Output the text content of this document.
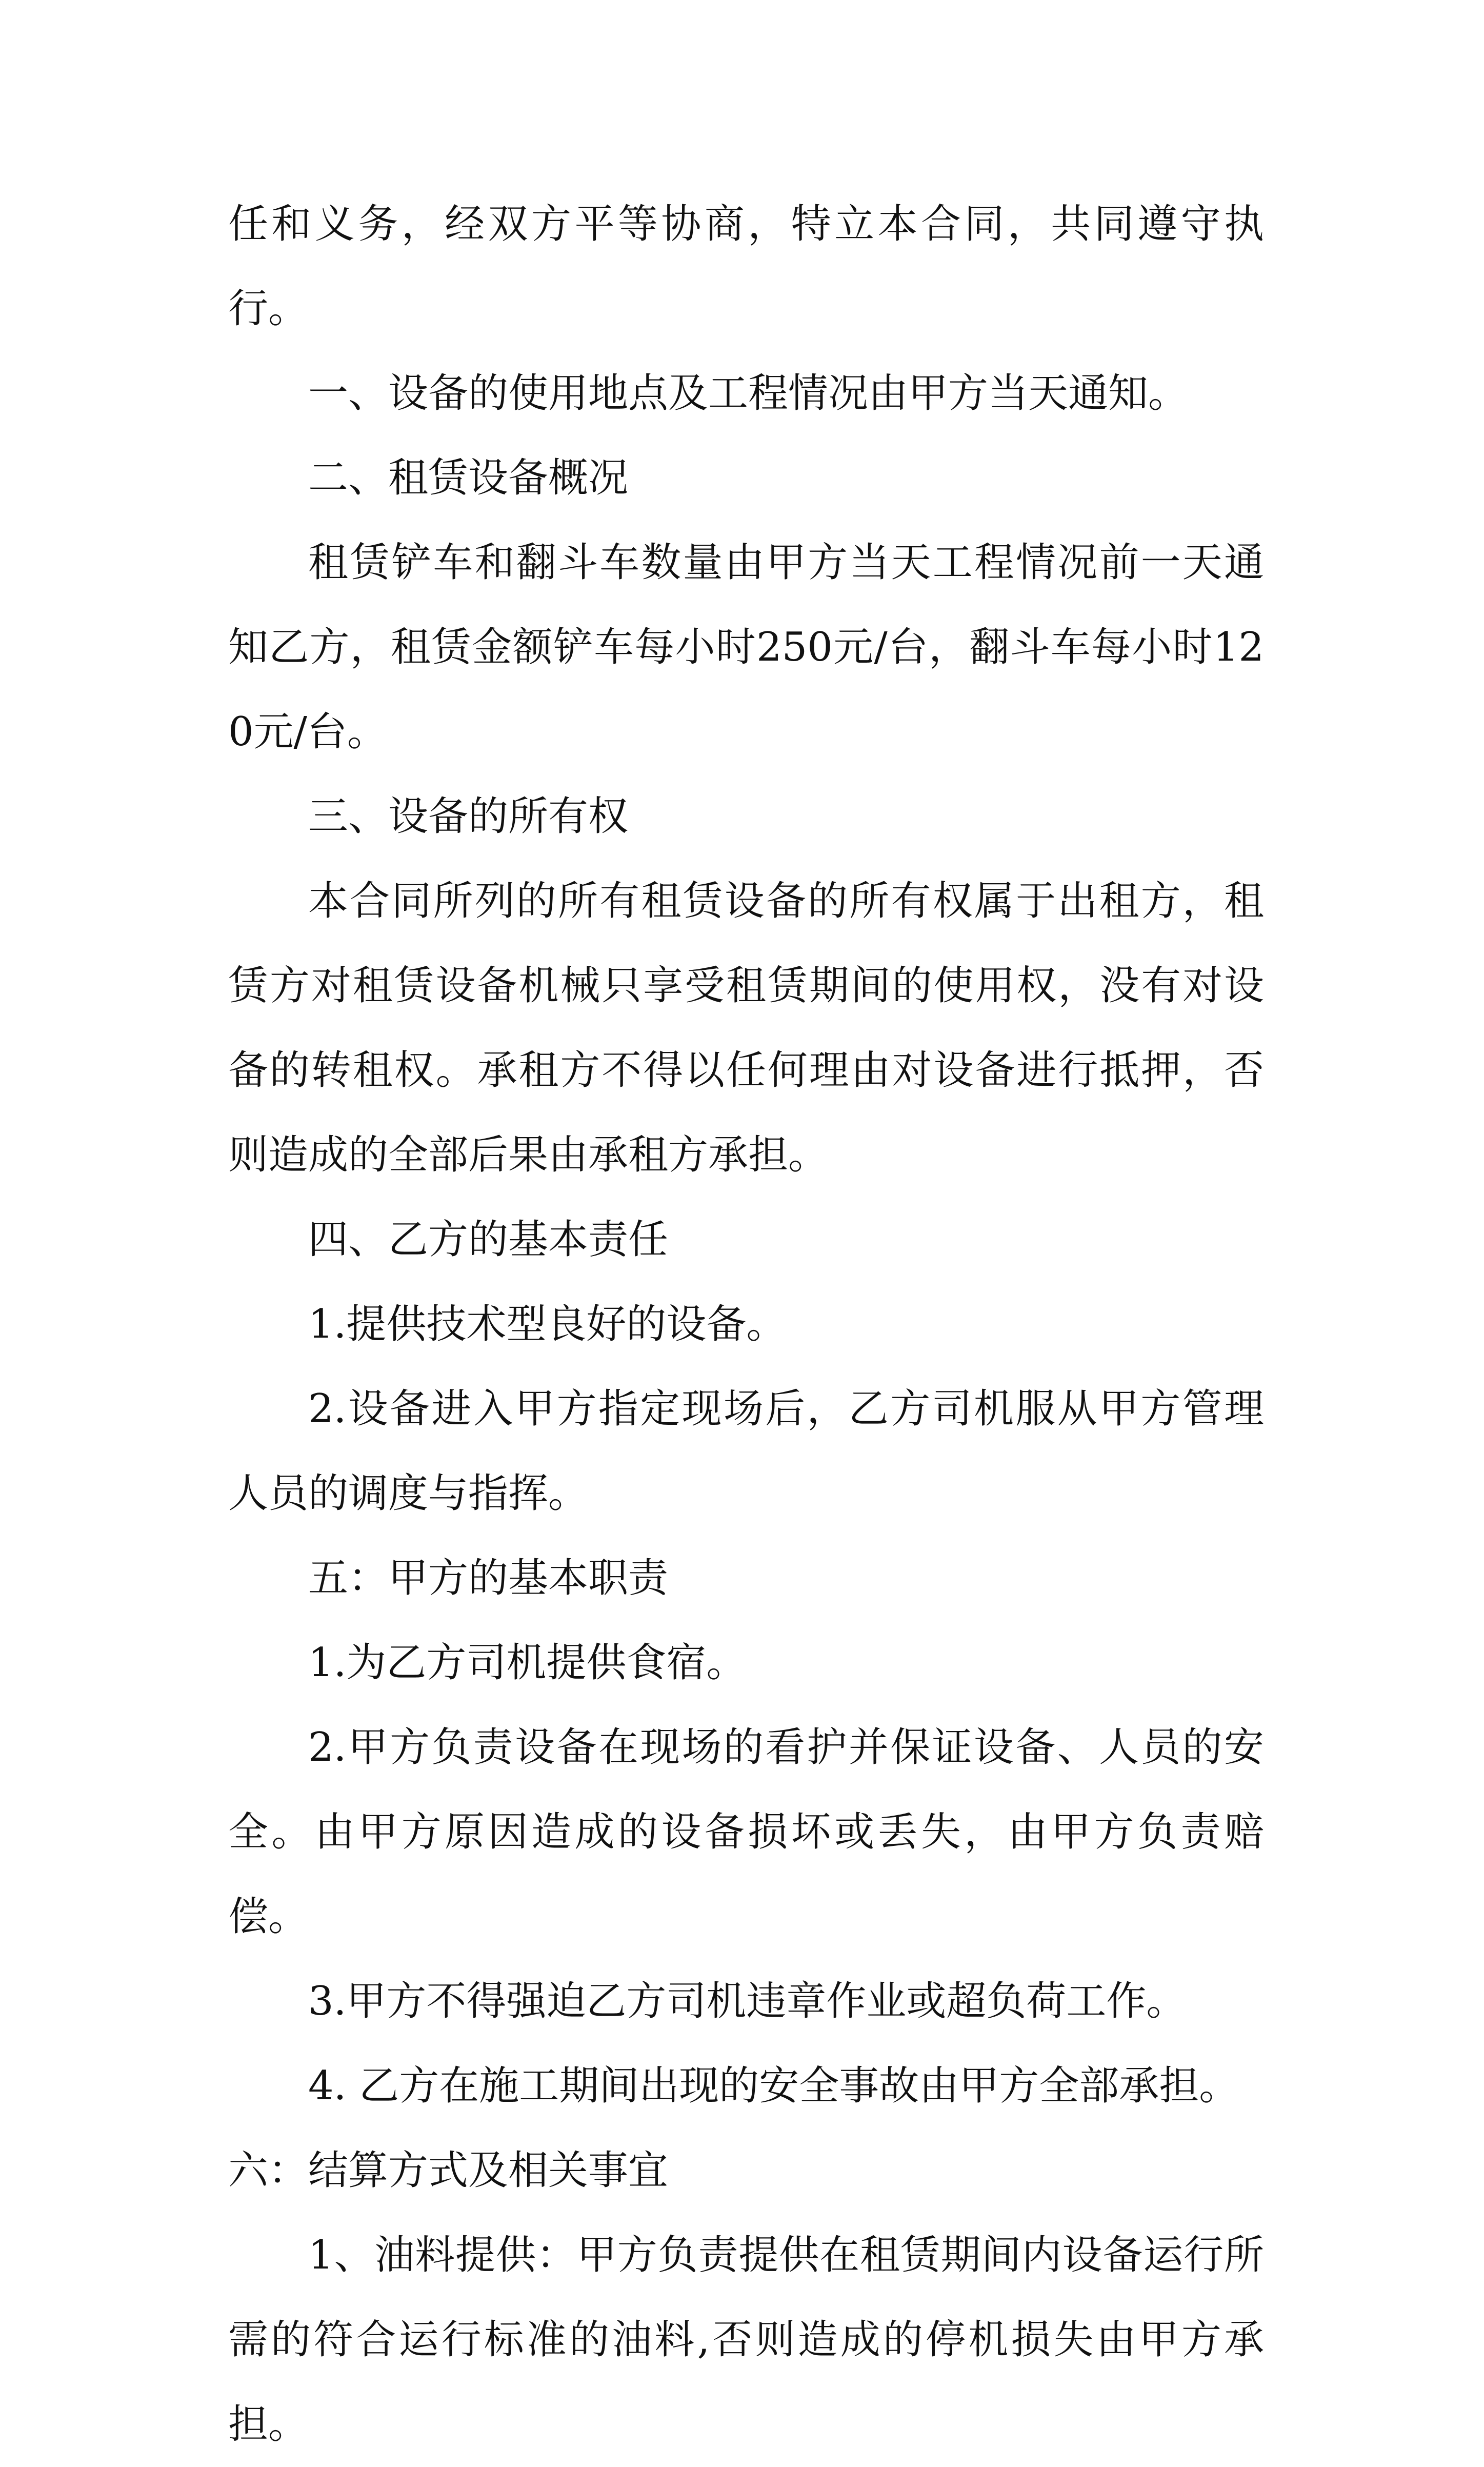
任和义务，经双方平等协商，特立本合同，共同遵守执行。

一、设备的使用地点及工程情况由甲方当天通知。

二、租赁设备概况

租赁铲车和翻斗车数量由甲方当天工程情况前一天通知乙方，租赁金额铲车每小时250元/台，翻斗车每小时120元/台。

三、设备的所有权

本合同所列的所有租赁设备的所有权属于出租方，租赁方对租赁设备机械只享受租赁期间的使用权，没有对设备的转租权。承租方不得以任何理由对设备进行抵押，否则造成的全部后果由承租方承担。

四、乙方的基本责任

1.提供技术型良好的设备。

2.设备进入甲方指定现场后，乙方司机服从甲方管理人员的调度与指挥。

五：甲方的基本职责

1.为乙方司机提供食宿。

2.甲方负责设备在现场的看护并保证设备、人员的安全。由甲方原因造成的设备损坏或丢失，由甲方负责赔偿。

3.甲方不得强迫乙方司机违章作业或超负荷工作。

4. 乙方在施工期间出现的安全事故由甲方全部承担。

六：结算方式及相关事宜

1、油料提供：甲方负责提供在租赁期间内设备运行所需的符合运行标准的油料,否则造成的停机损失由甲方承担。
